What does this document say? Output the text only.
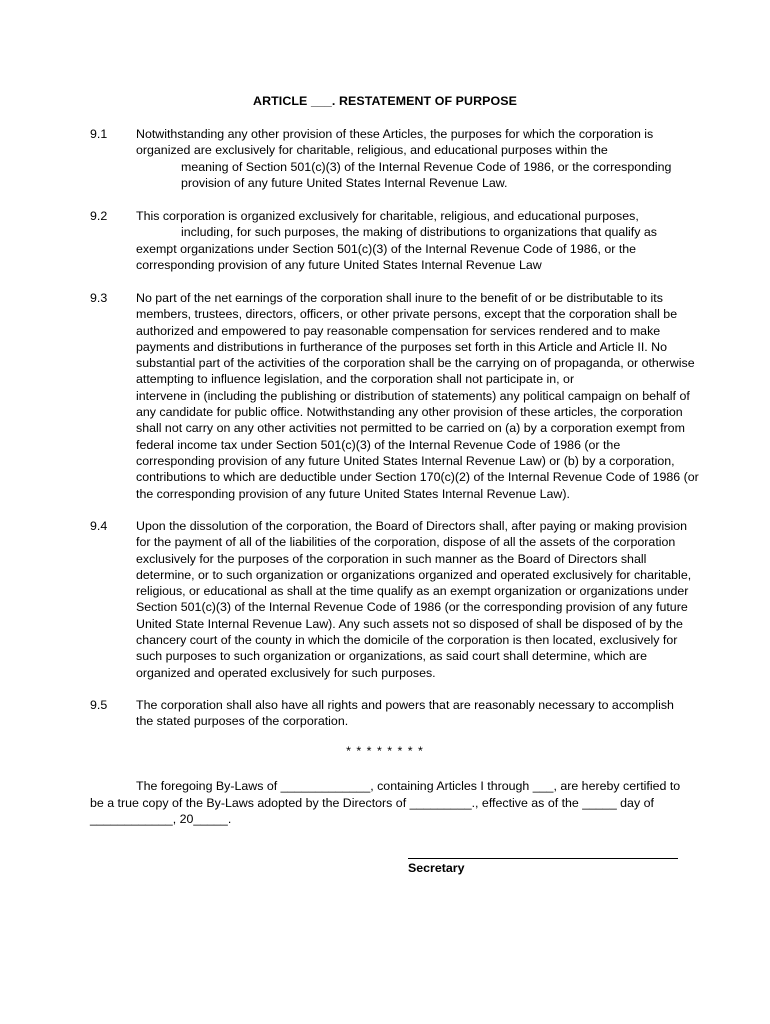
ARTICLE ___. RESTATEMENT OF PURPOSE
9.1 Notwithstanding any other provision of these Articles, the purposes for which the corporation is
organized are exclusively for charitable, religious, and educational purposes within the
meaning of Section 501(c)(3) of the Internal Revenue Code of 1986, or the corresponding
provision of any future United States Internal Revenue Law.
9.2 This corporation is organized exclusively for charitable, religious, and educational purposes,
including, for such purposes, the making of distributions to organizations that qualify as
exempt organizations under Section 501(c)(3) of the Internal Revenue Code of 1986, or the
corresponding provision of any future United States Internal Revenue Law
9.3 No part of the net earnings of the corporation shall inure to the benefit of or be distributable to its
members, trustees, directors, officers, or other private persons, except that the corporation shall be
authorized and empowered to pay reasonable compensation for services rendered and to make
payments and distributions in furtherance of the purposes set forth in this Article and Article II. No
substantial part of the activities of the corporation shall be the carrying on of propaganda, or otherwise
attempting to influence legislation, and the corporation shall not participate in, or
intervene in (including the publishing or distribution of statements) any political campaign on behalf of
any candidate for public office. Notwithstanding any other provision of these articles, the corporation
shall not carry on any other activities not permitted to be carried on (a) by a corporation exempt from
federal income tax under Section 501(c)(3) of the Internal Revenue Code of 1986 (or the
corresponding provision of any future United States Internal Revenue Law) or (b) by a corporation,
contributions to which are deductible under Section 170(c)(2) of the Internal Revenue Code of 1986 (or
the corresponding provision of any future United States Internal Revenue Law).
9.4 Upon the dissolution of the corporation, the Board of Directors shall, after paying or making provision
for the payment of all of the liabilities of the corporation, dispose of all the assets of the corporation
exclusively for the purposes of the corporation in such manner as the Board of Directors shall
determine, or to such organization or organizations organized and operated exclusively for charitable,
religious, or educational as shall at the time qualify as an exempt organization or organizations under
Section 501(c)(3) of the Internal Revenue Code of 1986 (or the corresponding provision of any future
United State Internal Revenue Law). Any such assets not so disposed of shall be disposed of by the
chancery court of the county in which the domicile of the corporation is then located, exclusively for
such purposes to such organization or organizations, as said court shall determine, which are
organized and operated exclusively for such purposes.
9.5 The corporation shall also have all rights and powers that are reasonably necessary to accomplish
the stated purposes of the corporation.
* * * * * * * *
The foregoing By-Laws of _____________, containing Articles I through ___, are hereby certified to
be a true copy of the By-Laws adopted by the Directors of _________., effective as of the _____ day of
____________, 20_____.
Secretary
